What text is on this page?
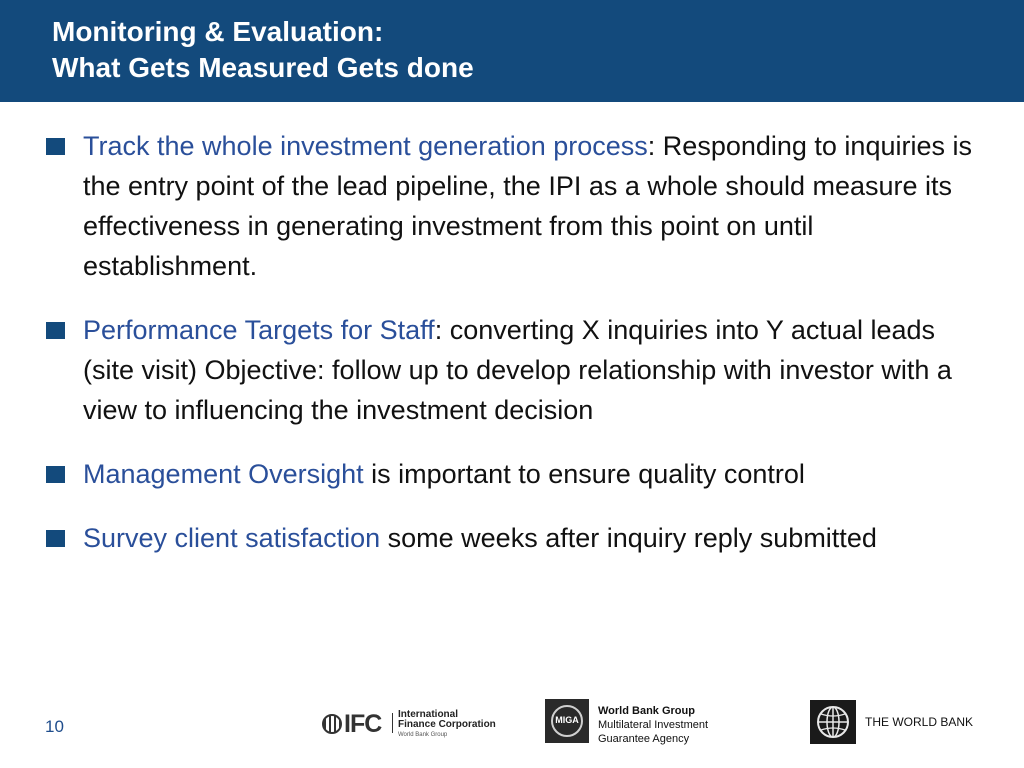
Monitoring & Evaluation:
What Gets Measured Gets done
Track the whole investment generation process: Responding to inquiries is the entry point of the lead pipeline, the IPI as a whole should measure its effectiveness in generating investment from this point on until establishment.
Performance Targets for Staff: converting X inquiries into Y actual leads (site visit) Objective: follow up to develop relationship with investor with a view to influencing the investment decision
Management Oversight is important to ensure quality control
Survey client satisfaction some weeks after inquiry reply submitted
10	IFC International
Finance Corporation
World Bank Group
MIGA
World Bank Group
Multilateral Investment
Guarantee Agency
THE WORLD BANK
